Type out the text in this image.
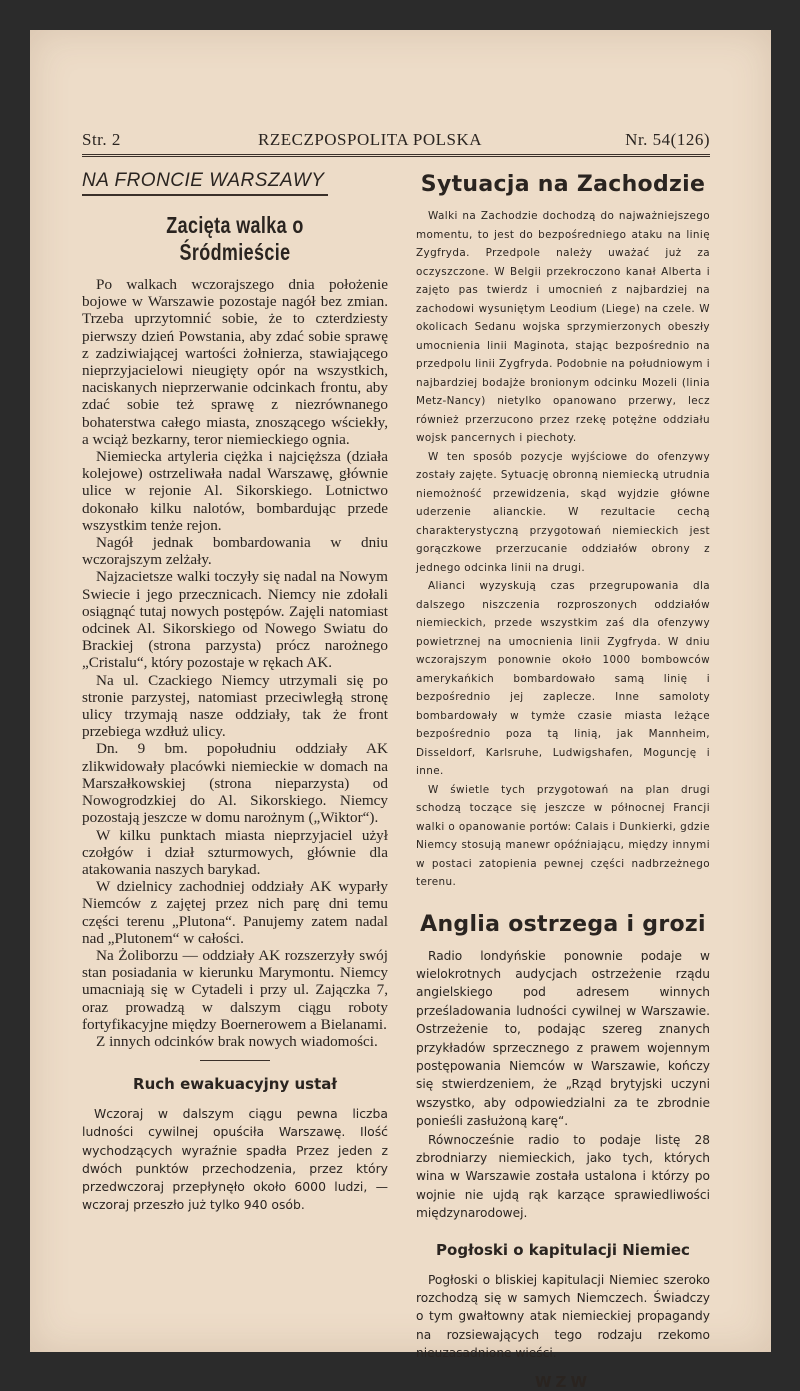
Str. 2	RZECZPOSPOLITA POLSKA	Nr. 54(126)
NA FRONCIE WARSZAWY
Zacięta walka o Śródmieście

Po walkach wczorajszego dnia położenie bojowe w Warszawie pozostaje nagół bez zmian. Trzeba uprzytomnić sobie, że to czterdziesty pierwszy dzień Powstania, aby zdać sobie sprawę z zadziwiającej wartości żołnierza, stawiającego nieprzyjacielowi nieugięty opór na wszystkich, naciskanych nieprzerwanie odcinkach frontu, aby zdać sobie też sprawę z niezrównanego bohaterstwa całego miasta, znoszącego wściekły, a wciąż bezkarny, teror niemieckiego ognia.

Niemiecka artyleria ciężka i najcięższa (działa kolejowe) ostrzeliwała nadal Warszawę, głównie ulice w rejonie Al. Sikorskiego. Lotnictwo dokonało kilku nalotów, bombardując przede wszystkim tenże rejon.

Nagół jednak bombardowania w dniu wczorajszym zelżały.

Najzacietsze walki toczyły się nadal na Nowym Swiecie i jego przecznicach. Niemcy nie zdołali osiągnąć tutaj nowych postępów. Zajęli natomiast odcinek Al. Sikorskiego od Nowego Swiatu do Brackiej (strona parzysta) prócz narożnego „Cristalu“, który pozostaje w rękach AK.

Na ul. Czackiego Niemcy utrzymali się po stronie parzystej, natomiast przeciwległą stronę ulicy trzymają nasze oddziały, tak że front przebiega wzdłuż ulicy.

Dn. 9 bm. popołudniu oddziały AK zlikwidowały placówki niemieckie w domach na Marszałkowskiej (strona nieparzysta) od Nowogrodzkiej do Al. Sikorskiego. Niemcy pozostają jeszcze w domu narożnym („Wiktor“).

W kilku punktach miasta nieprzyjaciel użył czołgów i dział szturmowych, głównie dla atakowania naszych barykad.

W dzielnicy zachodniej oddziały AK wyparły Niemców z zajętej przez nich parę dni temu części terenu „Plutona“. Panujemy zatem nadal nad „Plutonem“ w całości.

Na Żoliborzu — oddziały AK rozszerzyły swój stan posiadania w kierunku Marymontu. Niemcy umacniają się w Cytadeli i przy ul. Zajączka 7, oraz prowadzą w dalszym ciągu roboty fortyfikacyjne między Boernerowem a Bielanami.

Z innych odcinków brak nowych wiadomości.

Ruch ewakuacyjny ustał

Wczoraj w dalszym ciągu pewna liczba ludności cywilnej opuściła Warszawę. Ilość wychodzących wyraźnie spadła Przez jeden z dwóch punktów przechodzenia, przez który przedwczoraj przepłynęło około 6000 ludzi, — wczoraj przeszło już tylko 940 osób.

Sytuacja na Zachodzie

Walki na Zachodzie dochodzą do najważniejszego momentu, to jest do bezpośredniego ataku na linię Zygfryda. Przedpole należy uważać już za oczyszczone. W Belgii przekroczono kanał Alberta i zajęto pas twierdz i umocnień z najbardziej na zachodowi wysuniętym Leodium (Liege) na czele. W okolicach Sedanu wojska sprzymierzonych obeszły umocnienia linii Maginota, stając bezpośrednio na przedpolu linii Zygfryda. Podobnie na południowym i najbardziej bodajże bronionym odcinku Mozeli (linia Metz-Nancy) nietylko opanowano przerwy, lecz również przerzucono przez rzekę potężne oddziału wojsk pancernych i piechoty.

W ten sposób pozycje wyjściowe do ofenzywy zostały zajęte. Sytuację obronną niemiecką utrudnia niemożność przewidzenia, skąd wyjdzie główne uderzenie alianckie. W rezultacie cechą charakterystyczną przygotowań niemieckich jest gorączkowe przerzucanie oddziałów obrony z jednego odcinka linii na drugi.

Alianci wyzyskują czas przegrupowania dla dalszego niszczenia rozproszonych oddziałów niemieckich, przede wszystkim zaś dla ofenzywy powietrznej na umocnienia linii Zygfryda. W dniu wczorajszym ponownie około 1000 bombowców amerykańkich bombardowało samą linię i bezpośrednio jej zaplecze. Inne samoloty bombardowały w tymże czasie miasta leżące bezpośrednio poza tą linią, jak Mannheim, Disseldorf, Karlsruhe, Ludwigshafen, Moguncję i inne.

W świetle tych przygotowań na plan drugi schodzą toczące się jeszcze w północnej Francji walki o opanowanie portów: Calais i Dunkierki, gdzie Niemcy stosują manewr opóźniającu, między innymi w postaci zatopienia pewnej części nadbrzeżnego terenu.

Anglia ostrzega i grozi

Radio londyńskie ponownie podaje w wielokrotnych audycjach ostrzeżenie rządu angielskiego pod adresem winnych prześladowania ludności cywilnej w Warszawie. Ostrzeżenie to, podając szereg znanych przykładów sprzecznego z prawem wojennym postępowania Niemców w Warszawie, kończy się stwierdzeniem, że „Rząd brytyjski uczyni wszystko, aby odpowiedzialni za te zbrodnie ponieśli zasłużoną karę“.

Równocześnie radio to podaje listę 28 zbrodniarzy niemieckich, jako tych, których wina w Warszawie została ustalona i którzy po wojnie nie ujdą rąk karzące sprawiedliwości międzynarodowej.

Pogłoski o kapitulacji Niemiec

Pogłoski o bliskiej kapitulacji Niemiec szeroko rozchodzą się w samych Niemczech. Świadczy o tym gwałtowny atak niemieckiej propagandy na rozsiewających tego rodzaju rzekomo nieuzasadnione wieści.

WZW
